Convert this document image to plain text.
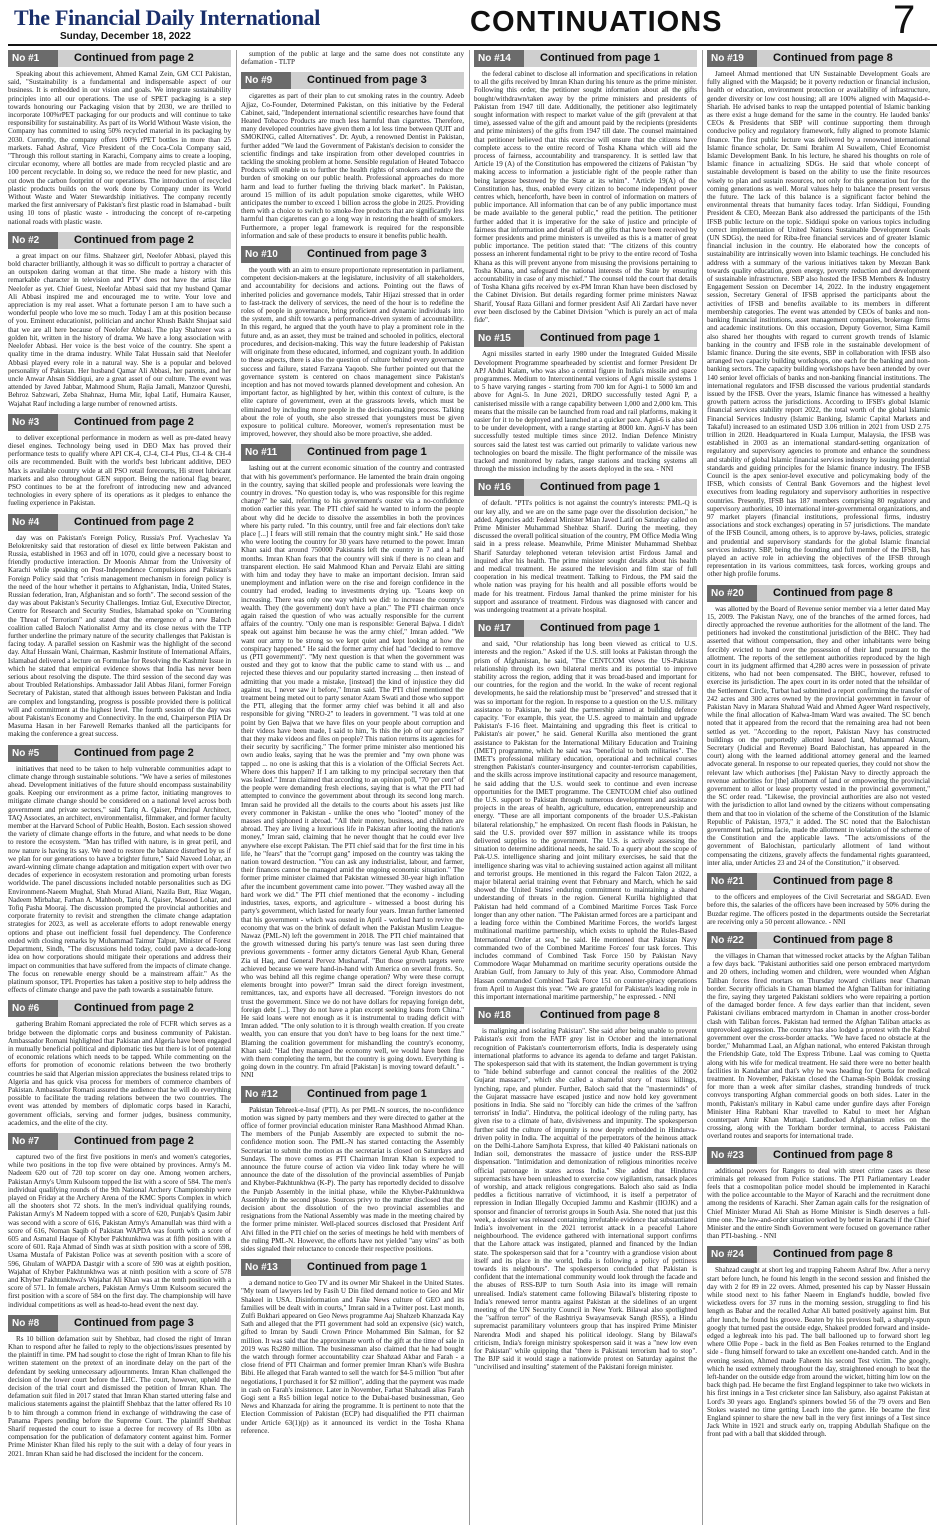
The Financial Daily International
Sunday, December 18, 2022	CONTINUATIONS	7
No #1	Continued from page 2

Speaking about this achievement, Ahmed Kamal Zein, GM CCI Pakistan, said, "Sustainability is a fundamental and indispensable aspect of our business. It is embedded in our vision and goals. We integrate sustainability principles into all our operations. The use of SPET packaging is a step towards honouring our Packaging vision that by 2030, we are thrilled to incorporate 100%rPET packaging for our products and will continue to take responsibility for sustainability. As part of its World Without Waste vision, the Company has committed to using 50% recycled material in its packaging by 2030. Currently, the company offers 100% rPET bottles in more than 25 markets. Fahad Ashraf, Vice President of the Coca-Cola Company said, "Through this rollout starting in Karachi, Company aims to create a looping, circular economy, where all bottles are made from recycled plastic and are 100 percent recyclable. In doing so, we reduce the need for new plastic, and cut down the carbon footprint of our operations. The introduction of recycled plastic products builds on the work done by Company under its World Without Waste and Water Stewardship initiatives. The company recently marked the first anniversary of Pakistan's first plastic road in Islamabad - built using 10 tons of plastic waste - introducing the concept of re-carpeting national roads with plastic waste.

No #2	Continued from page 2

a great impact on our films. Shahzeer girl, Neelofer Abbasi, played this bold character brilliantly, although it was so difficult to portray a character of an outspoken daring woman at that time. She made a history with this remarkable character in television and PTV does not have the artist like Neelofer as yet. Chief Guest, Neelofar Abbasi said that my husband Qamar Ali Abbasi inspired me and encouraged me to write. Your love and appreciation is my real asset. What a fortunate person I am to have such a wonderful people who love me so much. Today I am at this position because of you. Eminent educationist, politician and anchor Khush Bakht Shujaat said that we are all here because of Neelofer Abbasi. The play Shahzeer was a golden hit, written in the history of drama. We have a long association with Neelofer Abbasi. Her voice is the best voice of the country. She spent a quality time in the drama industry. While Talat Hussain said that Neelofer Abbasi played every role in a natural way. She is a popular and beloved personality of Pakistan. Her husband Qamar Ali Abbasi, her parents, and her uncle Anwar Ahsan Siddiqui, are a great asset of our culture. The event was attended by Javed Jabbar, Mahmood Shum, Rajia Jamali, Manzoor Qureshi, Behroz Sabzwari, Zeba Shahnaz, Huma Mir, Iqbal Latif, Humaira Kauser, Wajahat Rauf including a large number of renowned artists.

No #3	Continued from page 2

to deliver exceptional performance in modern as well as pre-dated heavy diesel engines. Technology being used in DEO Max has proved their performance tests to qualify where API CK-4, CJ-4, CI-4 Plus, CI-4 & CH-4 oils are recommended. Built with the world's best lubricant additive, DEO Max is available country wide at all PSO retail forecourts, Hi street lubricant markets and also throughout GEN support. Being the national flag bearer, PSO continues to be at the forefront of introducing new and advanced technologies in every sphere of its operations as it pledges to enhance the fueling experience in Pakistan.

No #4	Continued from page 2

day was on Pakistan's Foreign Policy, Russia's Prof. Vyacheslav Ya Belokrenitsky said that restoration of diesel ex little between Pakistan and Russia, established in 1963 and off in 1070, could give a necessary boost to friendly productive interaction. Dr Moonis Ahmar from the University of Karachi while speaking on Post-Independence Compulsions and Pakistan's Foreign Policy said that "crisis management mechanism in foreign policy is the need of the hour whether it pertains to Afghanistan, India, United States, Russian federation, Iran, Afghanistan and so forth". The second session of the day was about Pakistan's Security Challenges. Imtiaz Gul, Executive Director, Centre for Research and Security Studies, Islamabad spoke on "Countering the Threat of Terrorism" and stated that the emergence of a new Baloch coalition called Baloch Nationalist Army and its close nexus with the TTP further underline the primary nature of the security challenges that Pakistan is facing today. A parallel session on Kashmir was the highlight of the second day. Altaf Hussain Wani, Chairman, Kashmir Institute of International Affairs, Islamabad delivered a lecture on Formulae for Resolving the Kashmir Issue in which he stated that empirical evidence shows that India has never been serious about resolving the dispute. The third session of the second day was about Troubled Relationships. Ambassador Jalil Abbas Jilani, former Foreign Secretary of Pakistan, stated that although issues between Pakistan and India are complex and longstanding, progress is possible provided there is political will and commitment at the highest level. The fourth session of the day was about Pakistan's Economy and Connectivity. In the end, Chairperson PIIA Dr Masuma Hasan in her Farewell Remarks thanked all the participants for making the conference a great success.

No #5	Continued from page 2

initiatives that need to be taken to help vulnerable communities adapt to climate change through sustainable solutions. "We have a series of milestones ahead. Development initiatives of the future should encompass sustainability goals. Keeping our environment as a prime factor, initiating mangroves to mitigate climate change should be considered on a national level across both government and private sectors," said Tariq A. Qaiser, Principal Architect, TAQ Associates, an architect, environmentalist, filmmaker, and former faculty member at the Harvard School of Public Health, Boston. Each session showed the variety of climate change efforts in the future, and what needs to be done to restore the ecosystem. "Man has trifled with nature, is in great peril, and now nature is having its say. We need to restore the balance disturbed by us if we plan for our generations to have a brighter future," Said Naveed Lohar, an award-winning climate change adaptation and mitigation expert with over two decades of experience in ecosystem restoration and promoting urban forests worldwide. The panel discussions included notable personalities such as DG Environment-Naeem Mughal, Shah Murad Aliani, Nazila Butt, Riaz Wagan, Nadeem Mirbahar, Farhan A. Mahboob, Tariq A. Qaiser, Masood Lohar, and Tofiq Pasha Mooraj. The discussion prompted the provincial authorities and corporate fraternity to revisit and strengthen the climate change adaptation strategies for 2023, as well as accelerate efforts to adopt renewable energy options and phase out inefficient fossil fuel dependency. The Conference ended with closing remarks by Muhammad Taimur Talpur, Minister of Forest Department, Sindh, "The discussions held today, could pave a decade-long idea on how corporations should mitigate their operations and address their impact on communities that have suffered from the impacts of climate change. The focus on renewable energy should be a mainstream affair." As the platinum sponsor, TPL Properties has taken a positive step to help address the effects of climate change and pave the path towards a sustainable future.

No #6	Continued from page 2

gathering Brahim Romani appreciated the role of FCFR which serves as a bridge between the diplomatic corps and business community of Pakistan. Ambassador Romani highlighted that Pakistan and Algeria have been engaged in mutually beneficial political and diplomatic ties but there is lot of potential of economic relations which needs to be tapped. While commenting on the efforts for promotion of economic relations between the two brotherly countries he said that Algerian mission appreciates the business related trips to Algeria and has quick visa process for members of commerce chambers of Pakistan. Ambassador Romani assured the audience that he will do everything possible to facilitate the trading relations between the two countries. The event was attended by members of diplomatic corps based in Karachi, government officials, serving and former judges, business community, academics, and the elite of the city.

No #7	Continued from page 2

captured two of the first five positions in men's and women's categories, while two positions in the top five were obtained by provinces. Army's M. Nadeem 620 out of 720 top scorer on day one. Among women archers, Pakistan Army's Umm Kulsoom topped the list with a score of 584. The men's individual qualifying rounds of the 9th National Archery Championship were played on Friday at the Archery Arena of the KMC Sports Complex in which all the shooters shot 72 shots. In the men's individual qualifying rounds, Pakistan Army's M Nadeem topped with a score of 620, Punjab's Qasim Jabir was second with a score of 616, Pakistan Army's Amanullah was third with a score of 616, Noman Saqib of Pakistan WAPDA was fourth with a score of 605 and Asmatul Haque of Khyber Pakhtunkhwa was at fifth position with a score of 601. Raja Ahmad of Sindh was at sixth position with a score of 598, Usama Mustafa of Pakistan Police was at seventh position with a score of 596, Ghulam of WAPDA Dastgir with a score of 590 was at eighth position, Wajahat of Khyber Pakhtunkhwa was at ninth position with a score of 578 and Khyber Pakhtunkhwa's Wajahat Ali Khan was at the tenth position with a score of 571. In female archers, Pakistan Army's Umm Kulsoom secured the first position with a score of 584 on the first day. The championship will have individual competitions as well as head-to-head event the next day.

No #8	Continued from page 3

Rs 10 billion defamation suit by Shehbaz, had closed the right of Imran Khan to respond after he failed to reply to the objections/issues presented by the plaintiff in time. PM had sought to close the right of Imran Khan to file his written statement on the pretext of an inordinate delay on the part of the defendant by seeking unnecessary adjournments. Imran Khan challenged the decision of the lower court before the LHC. The court, however, upheld the decision of the trial court and dismissed the petition of Imran Khan. The defamation suit filed in 2017 stated that Imran Khan started uttering false and malicious statements against the plaintiff Shehbaz that the latter offered Rs 10 b to him through a common friend in exchange of withdrawing the case of Panama Papers pending before the Supreme Court. The plaintiff Shehbaz Sharif requested the court to issue a decree for recovery of Rs 10bn as compensation for the publication of defamatory content against him. Former Prime Minister Khan filed his reply to the suit with a delay of four years in 2021. Imran Khan said he had disclosed the incident for the concern.

sumption of the public at large and the same does not constitute any defamation - TLTP

No #9	Continued from page 3

cigarettes as part of their plan to cut smoking rates in the country. Adeeb Ajjaz, Co-Founder, Determined Pakistan, on this initiative by the Federal Cabinet, said, "Independent international scientific researches have found that Heated Tobacco Products are much less harmful than cigarettes. Therefore, many developed countries have given them a lot less time between QUIT and SMOKING, called Alternatives". Dr. Ayub, a renowned Dentist in Pakistan, further added "We laud the Government of Pakistan's decision to consider the scientific findings and take inspiration from other developed countries in tackling the smoking problem at home. Sensible regulation of Heated Tobacco Products will enable us to further the health rights of smokers and reduce the burden of smoking on our public health. Professional approaches do more harm and lead to further fueling the thriving black market". In Pakistan, around 15 million of its adult population smoke cigarettes, while WHO anticipates the number to exceed 1 billion across the globe in 2025. Providing them with a choice to switch to smoke-free products that are significantly less harmful than cigarettes can go a long way in restoring the health of smokers. Furthermore, a proper legal framework is required for the responsible information and sale of these products to ensure it benefits public health.

No #10	Continued from page 3

the youth with an aim to ensure proportionate representation in parliament, competent decision-makers at the legislature, inclusivity of all stakeholders, and accountability for decisions and actions. Pointing out the flaws of inherited policies and governance models, Tahir Hijazi stressed that in order to fast-track the delivery of services, the need of the hour is to redefine the roles of people in governance, bring proficient and dynamic individuals into the system, and shift towards a performance-driven system of accountability. In this regard, he argued that the youth have to play a prominent role in the future and, as an asset, they must be trained and schooled in politics, electoral procedures, and decision-making. This way the future leadership of Pakistan will originate from these educated, informed, and cognizant youth. In addition to these aspects, there is also the question of culture behind every governance success and failure, stated Farzana Yaqoob. She further pointed out that the governance system is centered on chaos management since Pakistan's inception and has not moved towards planned development and cohesion. An important factor, as highlighted by her, within this context of culture, is the elite capture of government, even at the grassroots levels, which must be eliminated by including more people in the decision-making process. Talking about the role of youth, she also stressed that youngsters must be given exposure to political culture. Moreover, women's representation must be improved, however, they should also be more proactive, she added.

No #11	Continued from page 1

lashing out at the current economic situation of the country and contrasted that with his government's performance. He lamented the brain drain ongoing in the country, saying that skilled people and professionals were leaving the country in droves. "No question today is, who was responsible for this regime change?" he said, referring to his government's ouster via a no-confidence motion earlier this year. The PTI chief said he wanted to inform the people about why did he decide to dissolve the assemblies in both the provinces where his party ruled. "In this country, until free and fair elections don't take place [...] I fears will still remain that the country might sink." He said those who were looting the country for 30 years have returned to the power. Imran Khan said that around 750000 Pakistanis left the country in 7 and a half months. Imran Khan fears that the country will sink if there is no clean and transparent election. He said Mahmood Khan and Pervaiz Elahi are sitting with him and today they have to make an important decision. Imran said unemployment and inflation were on the rise and foreign confidence in the country had eroded, leading to investments drying up. "Loans keep on increasing. There was only one way which we did: to increase the country's wealth. They (the government) don't have a plan." The PTI chairman once again raised the question of who was actually responsible for the current affairs of the country. "Only one man is responsible: General Bajwa. I didn't speak out against him because he was the army chief," Imran added. "We want our army to be strong so we kept quiet and kept looking at how the conspiracy happened." He said the former army chief had "decided to remove us (PTI government)". "My next question is that when the government was ousted and they got to know that the public came to stand with us ... and rejected these thieves and our popularity started increasing ... then instead of admitting that you made a mistake, [instead] the kind of injustice they did against us, I never saw it before," Imran said. The PTI chief mentioned the treatment being meted out to party senator Azam Swati and those who support the PTI, alleging that the former army chief was behind it all and also responsible for giving "NRO-2" to leaders in government. "I was told at one point by Gen Bajwa that we have files on your people about corruption and their videos have been made, I said to him, 'Is this the job of our agencies?' that they make videos and files on people? This nation returns its agencies for their security by sacrificing." The former prime minister also mentioned his own audio leaks, saying that he was the premier and "my own phone was tapped ... no one is asking that this is a violation of the Official Secrets Act. Where does this happen? If I am talking to my principal secretary then that was leaked." Imran claimed that according to an opinion poll, "70 per cent" of the people were demanding fresh elections, saying that is what the PTI had attempted to convince the government about through its second long march. Imran said he provided all the details to the courts about his assets just like every commoner in Pakistan - unlike the ones who "looted" money of the masses and siphoned it abroad. "All their money, business, and children are abroad. They are living a luxurious life in Pakistan after looting the nation's money," Imran said, claiming that he never thought that he could ever live anywhere else except Pakistan. The PTI chief said that for the first time in his life, he "fears" that the "corrupt gang" imposed on the country was taking the nation toward destruction. "You can ask any industrialist, labour, and farmer, their finances cannot be managed amid the ongoing economic situation." The former prime minister claimed that Pakistan witnessed 30-year high inflation after the incumbent government came into power. "They washed away all the hard work we did." The PTI chief mentioned that the economy - including industries, taxes, exports, and agriculture - witnessed a boost during his party's government, which lasted for nearly four years. Imran further lamented that his government - which was ousted in April - worked hard to revive the economy that was on the brink of default when the Pakistan Muslim League-Nawaz (PML-N) left the government in 2018. The PTI chief maintained that the growth witnessed during his party's tenure was last seen during three previous governments - former army dictators General Ayub Khan, General Zia ul Haq, and General Pervez Musharraf. "But those growth targets were achieved because we were hand-in-hand with America on several fronts. So, who was behind all this regime change operation? Why were these corrupt elements brought into power?" Imran said the direct foreign investment, remittances, tax, and exports have all decreased. "Foreign investors do not trust the government. Since we do not have dollars for repaying foreign debt, foreign debt [...]. They do not have a plan except seeking loans from China." He said loans were not enough as it is instrumental to trading deficit with Imran added. "The only solution to it is through wealth creation. If you create wealth, you can ensure that you don't have to beg loans for the next time." Blaming the coalition government for mishandling the country's economy, Khan said: "Had they managed the economy well, we would have been fine with them completing the term, but the country is going down. Everything is going down in the country. I'm afraid [Pakistan] is moving toward default." - NNI

No #12	Continued from page 1

Pakistan Tehreek-e-Insaf (PTI). As per PML-N sources, the no-confidence motion was signed by party members and they were directed to gather at the office of former provincial education minister Rana Mashhood Ahmad Khan. The members of the Punjab Assembly are expected to submit the no-confidence motion soon. The PML-N has started contacting the Assembly Secretariat to submit the motion as the secretariat is closed on Saturdays and Sundays. The move comes as PTI Chairman Imran Khan is expected to announce the future course of action via video link today where he will announce the date of the dissolution of the provincial assemblies of Punjab and Khyber-Pakhtunkhwa (K-P). The party has reportedly decided to dissolve the Punjab Assembly in the initial phase, while the Khyber-Pakhtunkhwa Assembly in the second phase. Sources privy to the matter disclosed that the decision about the dissolution of the two provincial assemblies and resignations from the National Assembly was made in the meeting chaired by the former prime minister. Well-placed sources disclosed that President Arif Alvi filled in the PTI chief on the series of meetings he held with members of the ruling PML-N. However, the efforts have not yielded "any wins" as both sides signaled their reluctance to concede their respective positions.

No #13	Continued from page 1

a demand notice to Geo TV and its owner Mir Shakeel in the United States. "My team of lawyers led by Fasih U Din filed demand notice to Geo and Mir Shakeel in USA. Disinformation and Fake News culture of GEO and its families will be dealt with in courts," Imran said in a Twitter post. Last month, Zulfi Bukhari appeared on Geo News programme Aaj Shahzeb Khanzada Kay Sath and alleged that the PTI government had sold an expensive (sic) watch, gifted to Imran by Saudi Crown Prince Mohammed Bin Salman, for $2 million. It was said that the approximate worth of the gift at the time of sale in 2019 was Rs280 million. The businessman also claimed that he had bought the watch through former accountability czar Shahzad Akbar and Farah - a close friend of PTI Chairman and former premier Imran Khan's wife Bushra Bibi. He alleged that Farah wanted to sell the watch for $4-5 million "but after negotiations, I purchased it for $2 million", adding that the payment was made in cash on Farah's insistence. Later in November, Farhat Shahzadi alias Farah Gogi sent a Rs5 billion legal notice to the Dubai-based businessman, Geo News and Khanzada for airing the programme. It is pertinent to note that the Election Commission of Pakistan (ECP) had disqualified the PTI chairman under Article 63(1)(p) as it announced its verdict in the Tosha Khana reference.

No #14	Continued from page 1

the federal cabinet to disclose all information and specifications in relation to all the gifts received by Imran Khan during his tenure as the prime minister. Following this order, the petitioner sought information about all the gifts bought/withdrawn/taken away by the prime ministers and presidents of Pakistan from 1947 till date. Additionally, the petitioner also legitimately sought information with respect to market value of the gift (prevalent at that time), assessed value of the gift and amount paid by the recipients (presidents and prime ministers) of the gifts from 1947 till date. The counsel maintained that petitioner believed that this exercise will ensure that the citizens have complete access to the entire record of Tosha Khana which will aid the process of fairness, accountability and transparency. It is settled law that Article 19 (A) of the Constitution has empowered the citizens of Pakistan "by making access to information a justiciable right of the people rather than being largesse bestowed by the State at its whim". "Article 19(A) of the Constitution has, thus, enabled every citizen to become independent power centres which, henceforth, have been in control of information on matters of public importance. All information that can be of any public importance must be made available to the general public," read the petition. The petitioner further added that it is imperative for the sake of justice and principle of fairness that information and detail of all the gifts that have been received by former presidents and prime ministers is unveiled as this is a matter of great public importance. The petition stated that: "The citizens of this country possess an inherent fundamental right to be privy to the entire record of Tosha Khana as this will prevent anyone from misusing the provisions pertaining to Tosha Khana, and safeguard the national interests of the State by ensuring accountability in case of any mischief." The counsel told the court that details of Tosha Khana gifts received by ex-PM Imran Khan have been disclosed by the Cabinet Division. But details regarding former prime ministers Nawaz Sharif, Yousaf Raza Gillani and former president Asif Ali Zardari have never ever been disclosed by the Cabinet Division "which is purely an act of mala fide".

No #15	Continued from page 1

Agni missiles started in early 1980 under the Integrated Guided Missile Development Programme spearheaded by scientist and former President Dr APJ Abdul Kalam, who was also a central figure in India's missile and space programmes. Medium to Intercontinental versions of Agni missile systems 1 to 5 have varying ranges - starting from 700 km for Agni-1 to 5000 km and above for Agni-5. In June 2021, DRDO successfully tested Agni P, a canisterised missile with a range capability between 1,000 and 2,000 km. This means that the missile can be launched from road and rail platforms, making it easier for it to be deployed and launched at a quicker pace. Agni-6 is also said to be under development, with a range starting at 8000 km. Agni-V has been successfully tested multiple times since 2012. Indian Defence Ministry sources said the latest test was carried out primarily to validate various new technologies on board the missile. The flight performance of the missile was tracked and monitored by radars, range stations and tracking systems all through the mission including by the assets deployed in the sea. - NNI

No #16	Continued from page 1

of default. "PTI's politics is not against the country's interests: PML-Q is our key ally, and we are on the same page over the dissolution decision," he added. Agencies add: Federal Minister Mian Javed Latif on Saturday called on Prime Minister Muhammad Shehbaz Sharif. During the meeting, they discussed the overall political situation of the country, PM Office Media Wing said in a press release. Meanwhile, Prime Minister Muhammad Shehbaz Sharif Saturday telephoned veteran television artist Firdous Jamal and inquired after his health. The prime minister sought details about his health and medical treatment. He assured the television and film star of full cooperation in his medical treatment. Talking to Firdous, the PM said the whole nation was praying for his health and all possible efforts would be made for his treatment. Firdous Jamal thanked the prime minister for his support and assurance of treatment. Firdous was diagnosed with cancer and was undergoing treatment at a private hospital.

No #17	Continued from page 1

and said, "Our relationship has long been viewed as critical to U.S. interests and the region." Asked if the U.S. still looks at Pakistan through the prism of Afghanistan, he said, "The CENTCOM views the US-Pakistan relationship through its own bilateral merits and its potential to improve stability across the region, adding that it was broad-based and important for our countries, for the region and the world. In the wake of recent regional developments, he said the relationship must be "preserved" and stressed that it was so important for the region. In response to a question on the U.S. military assistance to Pakistan, he said the partnership aimed at building defence capacity. "For example, this year, the U.S. agreed to maintain and upgrade Pakistan's F-16 fleet. Maintaining and upgrading this fleet is critical to Pakistan's air power," he said. General Kurilla also mentioned the grant assistance to Pakistan for the International Military Education and Training (IMET) programme, which he said was "beneficial to both militaries". The IMET's professional military education, operational and technical courses strengthen Pakistan's counter-insurgency and counter-terrorism capabilities, and the skills across improve institutional capacity and resource management, he said adding that the U.S. would seek to continue and even increase opportunities for the IMET programme. The CENTCOM chief also outlined the U.S. support to Pakistan through numerous development and assistance projects in the areas of health, agriculture, education, entrepreneurship and energy. "These are all important components of the broader U.S.-Pakistan bilateral relationship," he emphasized. On recent flash floods in Pakistan, he said the U.S. provided over $97 million in assistance while its troops delivered supplies to the government. The U.S. is actively assessing the situation to determine additional needs, he said. To a query about the scope of Pak-U.S. intelligence sharing and joint military exercises, he said that the intelligence sharing was vital to achieving sustained action against all militant and terrorist groups. He mentioned in this regard the Falcon Talon 2022, a major bilateral aerial training event that February and March, which he said showed the United States' enduring commitment to maintaining a shared understanding of threats in the region. General Kurilla highlighted that Pakistan had held command of a Combined Maritime Forces Task Force longer than any other nation. "The Pakistan armed forces are a participant and a leading force within the Combined Maritime Forces, the world's largest multinational maritime partnership, which exists to uphold the Rules-Based International Order at sea," he said. He mentioned that Pakistan Navy commanded two of the Combined Maritime Forces' four task forces. This includes command of Combined Task Force 150 by Pakistan Navy Commodore Waqar Muhammad on maritime security operations outside the Arabian Gulf, from January to July of this year. Also, Commodore Ahmad Hassan commanded Combined Task Force 151 on counter-piracy operations from April to August this year. "We are grateful for Pakistan's leading role in this important international maritime partnership," he expressed. - NNI

No #18	Continued from page 8

is maligning and isolating Pakistan". She said after being unable to prevent Pakistan's exit from the FATF grey list in October and the international recognition of Pakistan's counterterrorism efforts, India is desperately using international platforms to advance its agenda to defame and target Pakistan. The spokesperson said that with its statement, the Indian government is trying to "hide behind subterfuge and cannot conceal the realities of the 2002 Gujarat massacre", which she called a shameful story of mass killings, lynching, rape, and plunder. Further, Baloch said that the "masterminds" of the Gujarat massacre have escaped justice and now hold key government positions in India. She said no "forcibly can hide the crimes of the 'saffron terrorists' in India". Hindutva, the political ideology of the ruling party, has given rise to a climate of hate, divisiveness and impunity. The spokesperson further said the culture of impunity is now deeply embedded in Hindutva-driven polity in India. The acquittal of the perpetrators of the heinous attack on the Delhi-Lahore Samjhota Express, that killed 40 Pakistani nationals on Indian soil, demonstrates the massacre of justice under the RSS-BJP dispensation. "Intimidation and demonization of religious minorities receive official patronage in states across India." She added that Hindutva supremacists have been unleashed to exercise cow vigilantism, ransack places of worship, and attack religious congregations. Baloch also said as India peddles a fictitious narrative of victimhood, it is itself a perpetrator of repression in Indian Illegally Occupied Jammu and Kashmir (IIOJK) and a sponsor and financier of terrorist groups in South Asia. She noted that just this week, a dossier was released containing irrefutable evidence that substantiated India's involvement in the 2021 terrorist attack in a peaceful Lahore neighbourhood. The evidence gathered with international support confirms that the Lahore attack was instigated, planned and financed by the Indian state. The spokesperson said that for a "country with a grandiose vision about itself and its place in the world, India is following a policy of pettiness towards its neighbours". The spokesperson concluded that Pakistan is confident that the international community would look through the facade and the abuses of RSS-BJP to turn South Asia into its image will remain unrealised. India's statement came following Bilawal's blistering riposte to India's renewed terror mantra against Pakistan at the sidelines of an urgent meeting of the UN Security Council in New York. Bilawal also spotlighted the "saffron terror" of the Rashtriya Swayamsevak Sangh (RSS), a Hindu supremacist paramilitary volunteers group that has inspired Prime Minister Narendra Modi and shaped his political ideology. Slang by Bilawal's criticism, India's foreign ministry spokesperson said it was a "new low even for Pakistan" while quipping that "there is Pakistani terrorism had to stop". The BJP said it would stage a nationwide protest on Saturday against the "uncivilised and insulting" statement of the Pakistani foreign minister.

No #19	Continued from page 8

Jameel Ahmad mentioned that UN Sustainable Development Goals are fully aligned with the Maqasid; be it poverty reduction or financial inclusion, health or education, environment protection or availability of infrastructure, gender diversity or low cost housing; all are 100% aligned with Maqasid-e-Shariah. He advised banks to reap the untapped potential of Islamic banking as there exist a huge demand for the same in the country. He lauded banks' CEOs & Presidents that SBP will continue supporting them through conducive policy and regulatory framework, fully aligned to promote Islamic finance. The first public lecture was delivered by a renowned international Islamic finance scholar, Dr. Sami Ibrahim Al Suwailem, Chief Economist Islamic Development Bank. In his lecture, he shared his thoughts on role of Islamic finance in actualizing SDGs. He said that whole concept of sustainable development is based on the ability to use the finite resources wisely to plan and sustain resources, not only for this generation but for the coming generations as well. Moral values help to balance the present versus the future. The lack of this balance is a significant factor behind the environmental threats that humanity faces today. Irfan Siddiqui, Founding President & CEO, Meezan Bank also addressed the participants of the 15th IFSB public lecture on the topic. Siddiqui spoke on various topics including correct implementation of United Nations Sustainable Development Goals (UN SDGs), the need for Riba-free financial services and of greater Islamic financial inclusion in the country. He elaborated how the concepts of sustainability are intrinsically woven into Islamic teachings. He concluded his address with a summary of the various initiatives taken by Meezan Bank towards quality education, green energy, poverty reduction and development of sustainable infrastructure. SBP also hosted the IFSB Members & Industry Engagement Session on December 14, 2022. In the industry engagement session, Secretary General of IFSB apprised the participants about the activities of IFSB and benefits available to its members in different membership categories. The event was attended by CEOs of banks and non-banking financial institutions, asset management companies, brokerage firms and academic institutions. On this occasion, Deputy Governor, Sima Kamil also shared her thoughts with regard to current growth trends of Islamic banking in the country and IFSB role in the sustainable development of Islamic finance. During the site events, SBP in collaboration with IFSB also arranged two capacity building workshops, one each for the banking and non-banking sectors. The capacity building workshops have been attended by over 140 senior level officials of banks and non-banking financial institutions. The international regulators and IFSB discussed the various prudential standards issued by the IFSB. Over the years, Islamic finance has witnessed a healthy growth pattern across the jurisdictions. According to IFSB's global Islamic financial services stability report 2022, the total worth of the global Islamic Financial Services Industry (Islamic Banking, Islamic Capital Markets and Takaful) increased to an estimated USD 3.06 trillion in 2021 from USD 2.75 trillion in 2020. Headquartered in Kuala Lumpur, Malaysia, the IFSB was established in 2003 as an international standard-setting organization of regulatory and supervisory agencies to promote and enhance the soundness and stability of global Islamic financial services industry by issuing prudential standards and guiding principles for the Islamic finance industry. The IFSB Council is the apex senior-level executive and policymaking body of the IFSB, which consists of Central Bank Governors and the highest level executives from leading regulatory and supervisory authorities in respective countries. Presently, IFSB has 187 members comprising 80 regulatory and supervisory authorities, 10 international inter-governmental organizations, and 97 market players (financial institutions, professional firms, industry associations and stock exchanges) operating in 57 jurisdictions. The mandate of the IFSB Council, among others, is to approve by-laws, policies, strategic and prudential and supervisory standards for the global Islamic financial services industry. SBP, being the founding and full member of the IFSB, has played an active role in achieving the objectives of the IFSB through representation in its various committees, task forces, working groups and other high profile forums.

No #20	Continued from page 8

was allotted by the Board of Revenue senior member via a letter dated May 15, 2009. The Pakistan Navy, one of the branches of the armed forces, had directly approached the revenue authorities for the allotment of the land. The petitioners had invoked the constitutional jurisdiction of the BHC. They had asserted that without compensation, they and other inhabitants were being forcibly evicted to hand over the possession of their land pursuant to the allotment. The reports of the settlement authorities reproduced by the high court in its judgment affirmed that 4,280 acres were in possession of private citizens, who had not been compensated. The BHC, however, refused to exercise its jurisdiction. The apex court in its order noted that the tehsildar of the Settlement Circle, Turbat had submitted a report confirming the transfer of 242 acres and 300 acres owned by the provincial government in favour of Pakistan Navy in Marara Shahzad Waid and Ahmed Ageer Ward respectively, while the final allocation of Kalwa-Imam Ward was awaited. The SC bench noted that it appeared from the record that the remaining area had not been settled as yet. "According to the report, Pakistan Navy has constructed buildings on the purportedly allotted leased land, Muhammad Akram, Secretary (Judicial and Revenue) Board Balochistan, has appeared in the court) along with the learned additional attorney general and the learned advocate general. In response to our repeated queries, they could not show the relevant law which authorises [the] Pakistan Navy to directly approach the revenue authorities for [the] allotment of land or empowering the provincial government to allot or lease property vested in the provincial government," the SC order read. "Likewise, the provincial authorities are also not vested with the jurisdiction to allot land owned by the citizens without compensating them and that too in violation of the scheme of the Constitution of the Islamic Republic of Pakistan, 1973," it added. The SC noted that the Balochistan government had, prima facie, made the allotment in violation of the scheme of the Constitution and the applicable laws. "The acts/omissions of the government of Balochistan, particularly allotment of land without compensating the citizens, gravely affects the fundamental rights guaranteed, inter alia, under Articles 23 and 24 of the Constitution," it observed.

No #21	Continued from page 8

to the officers and employees of the Civil Secretariat and S&GAD. Even before this, the salaries of the officers have been increased by 50% during the Buzdar regime. The officers posted in the departments outside the Secretariat are receiving only a 50 percent allowance. - NNI

No #22	Continued from page 8

the villages in Chaman that witnessed rocket attacks by the Afghan Taliban a few days back. "Pakistani authorities said one person embraced martyrdom and 20 others, including women and children, were wounded when Afghan Taliban forces fired mortars on Thursday toward civilians near Chaman border. Security officials in Chaman blamed the Afghan Taliban for initiating the fire, saying they targeted Pakistani soldiers who were repairing a portion of the damaged border fence. A few days earlier than that incident, seven Pakistani civilians embraced martyrdom in Chaman in another cross-border clash with Taliban forces. Pakistan had termed the Afghan Taliban attacks as unprovoked aggression. The country has also lodged a protest with the Kabul government over the cross-border attacks. "We have faced no obstacle at the border," Muhammad Laal, an Afghan national, who entered Pakistan through the Friendship Gate, told The Express Tribune. Laal was coming to Quetta along with his wife for medical treatment. He said there were no better health facilities in Kandahar and that's why he was heading for Quetta for medical treatment. In November, Pakistan closed the Chaman-Spin Boldak crossing for more than a week after similar clashes, stranding hundreds of truck convoys transporting Afghan commercial goods on both sides. Later in the month, Pakistan's military in Kabul came under gunfire days after Foreign Minister Hina Rabbani Khar travelled to Kabul to meet her Afghan counterpart Amir Khan Muttaqi. Landlocked Afghanistan relies on the crossing, along with the Torkham border terminal, to access Pakistani overland routes and seaports for international trade.

No #23	Continued from page 8

additional powers for Rangers to deal with street crime cases as these criminals get released from Police stations. The PTI Parliamentary Leader feels that a cosmopolitan police model should be implemented in Karachi with the police accountable to the Mayor of Karachi and the recruitment done among the residents of Karachi. Sher Zaman again calls for the resignation of Chief Minister Murad Ali Shah as Home Minister is Sindh deserves a full-time one. The law-and-order situation worked by better in Karachi if the Chief Minister and the entire Sindh Government were focused on governance rather than PTI-bashing. - NNI

No #24	Continued from page 8

Shahzad caught at short leg and trapping Faheem Ashraf lbw. After a nervy start before lunch, he found his length in the second session and finished the day with 2 for 89 in 22 overs. Ahmed, presented his cap by Nasser Hussain while stood next to his father Naeem in England's huddle, bowled five wicketless overs for 37 runs in the morning session, struggling to find his length as Babar and the recalled Azhar Ali batted positively against him. But after lunch, he found his groove. Beaten by his previous ball, a sharply-spun googly that turned past the outside edge, Shakeel prodded forward and inside-edged a legbreak into his pad. The ball ballooned up to forward short leg where Ollie Pope - back in the field as Ben Foakes returned to the England side - flung himself forward to take an excellent one-handed catch. And in the evening session, Ahmed made Faheem his second Test victim. The googly, which he used extremely throughout the day, straightened enough to beat the left-hander on the outside edge from around the wicket, hitting him low on the back thigh pad. He became the first England legspinner to take two wickets in his first innings in a Test cricketer since Ian Salisbury, also against Pakistan at Lord's 30 years ago. England's spinners bowled 56 of the 79 overs and Ben Stokes wasted no time getting Leach into the game. He became the first England spinner to share the new ball in the very first innings of a Test since Jack White in 1921 and struck early on, trapping Abdullah Shafique on the front pad with a ball that skidded through.
